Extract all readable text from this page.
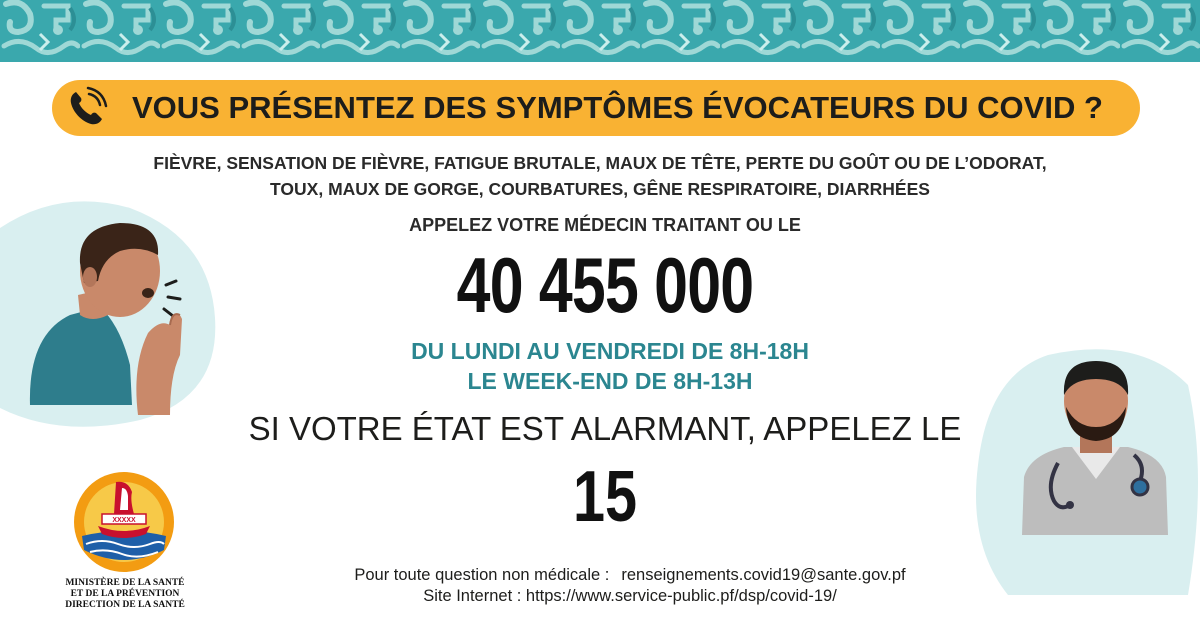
VOUS PRÉSENTEZ DES SYMPTÔMES ÉVOCATEURS DU COVID ?
FIÈVRE, SENSATION DE FIÈVRE, FATIGUE BRUTALE, MAUX DE TÊTE, PERTE DU GOÛT OU DE L’ODORAT,
TOUX, MAUX DE GORGE, COURBATURES, GÊNE RESPIRATOIRE, DIARRHÉES
APPELEZ VOTRE MÉDECIN TRAITANT OU LE
40 455 000
DU LUNDI AU VENDREDI DE 8H-18H
LE WEEK-END DE 8H-13H
SI VOTRE ÉTAT EST ALARMANT, APPELEZ LE
15
Pour toute question non médicale : renseignements.covid19@sante.gov.pf
Site Internet : https://www.service-public.pf/dsp/covid-19/
XXXXX
MINISTÈRE DE LA SANTÉ
ET DE LA PRÉVENTION
DIRECTION DE LA SANTÉ
